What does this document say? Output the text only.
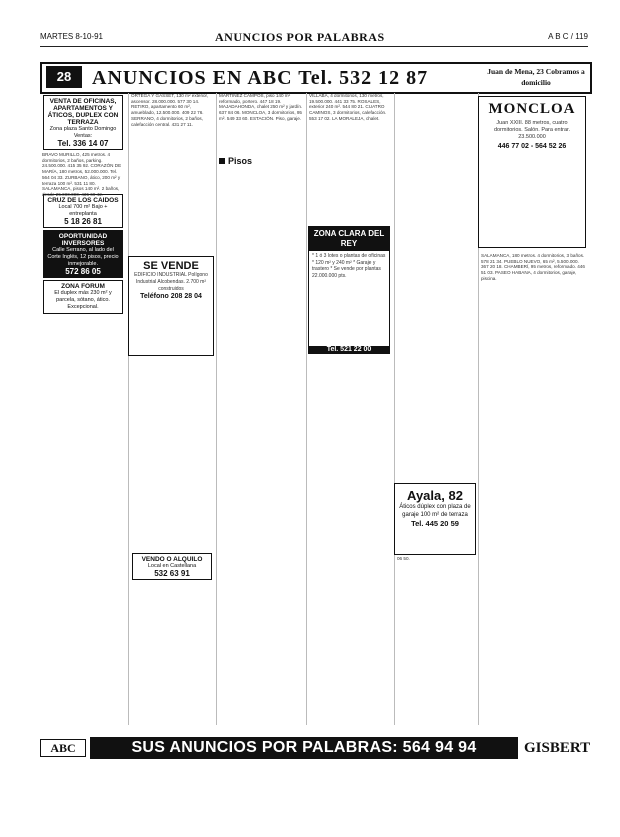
MARTES 8-10-91	ANUNCIOS POR PALABRAS	A B C / 119
28	ANUNCIOS EN ABC Tel. 532 12 87	Juan de Mena, 23 Cobramos a domicilio
VENTA DE OFICINAS, APARTAMENTOS Y ÁTICOS, DUPLEX CON TERRAZA
Zona plaza Santo Domingo Ventas:
Tel. 336 14 07
BRAVO MURILLO, 425 metros. 4 dormitorios, 2 baños, parking. 24.500.000. 415 35 92. CORAZÓN DE MARÍA, 180 metros, 52.000.000. Tel. 564 04 33. ZURBANO, ático, 200 m² y terraza 100 m². 531 11 80. SALAMANCA, pisos 140 m². 2 baños, desde 25.000.000. 435 69 42.
CRUZ DE LOS CAIDOS
Local 700 m² Bajo + entreplanta
5 18 26 81
OPORTUNIDAD INVERSORES
Calle Serrano, al lado del Corte Inglés, 12 pisos, precio inmejorable.
572 86 05
ZONA FORUM
El duplex más 230 m² y parcela, sótano, ático. Excepcional.
ORTEGA Y GASSET, 130 m² exterior, ascensor. 28.000.000. 577 30 14. RETIRO, apartamento 60 m², amueblado, 12.500.000. 409 22 76. SERRANO, 4 dormitorios, 2 baños, calefacción central. 431 27 11.
VENDO O ALQUILO
Local en Castellana
532 63 91
MARTÍNEZ CAMPOS, piso 140 m² reformado, portero. 447 18 19. MAJADAHONDA, chalet 250 m² y jardín. 637 84 06. MONCLOA, 3 dormitorios, 95 m². 549 33 60. ESTACIÓN. Piso, garaje.
Pisos
VILLABA, 4 dormitorios, 130 metros, 19.500.000. 441 33 75. ROSALES, exterior 240 m². 544 80 21. CUATRO CAMINOS, 3 dormitorios, calefacción. 553 17 02. LA MORALEJA, chalet.
06 50.
SALAMANCA, 180 metros. 4 dormitorios, 3 baños. 578 21 34. PUEBLO NUEVO, 65 m², 5.500.000. 367 20 18. CHAMBERÍ, 95 metros, reformado. 446 51 03. PASEO HABANA, 4 dormitorios, garaje, piscina.
SE VENDE
EDIFICIO INDUSTRIAL Polígono Industrial Alcobendas. 2.700 m² construidos
Teléfono 208 28 04
ZONA CLARA DEL REY
* 1 ó 3 lotes o plantas de oficinas * 120 m² y 240 m² * Garaje y trastero * Se vende por plantas 22.000.000 pts.
Tel. 521 22 00
MONCLOA
Juan XXIII. 88 metros, cuatro dormitorios. Salón. Para entrar. 23.500.000
446 77 02 - 564 52 26
Ayala, 82
Áticos dúplex con plaza de garaje 100 m² de terraza
Tel. 445 20 59
ABC	SUS ANUNCIOS POR PALABRAS: 564 94 94	GISBERT
